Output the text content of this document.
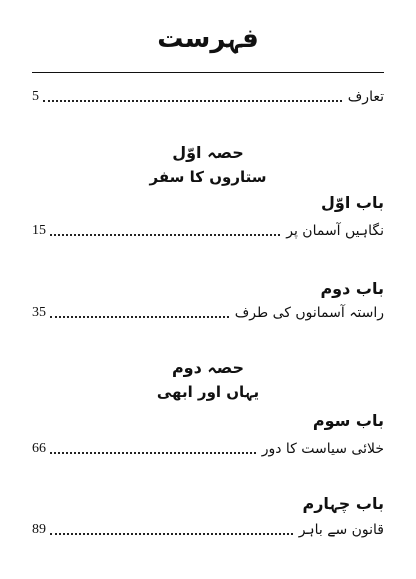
فہرست
5	تعارف
حصہ اوّل
ستاروں کا سفر
باب اوّل
15	نگاہیں آسمان پر
باب دوم
35	راستہ آسمانوں کی طرف
حصہ دوم
یہاں اور ابھی
باب سوم
66	خلائی سیاست کا دور
باب چہارم
89	قانون سے باہر
